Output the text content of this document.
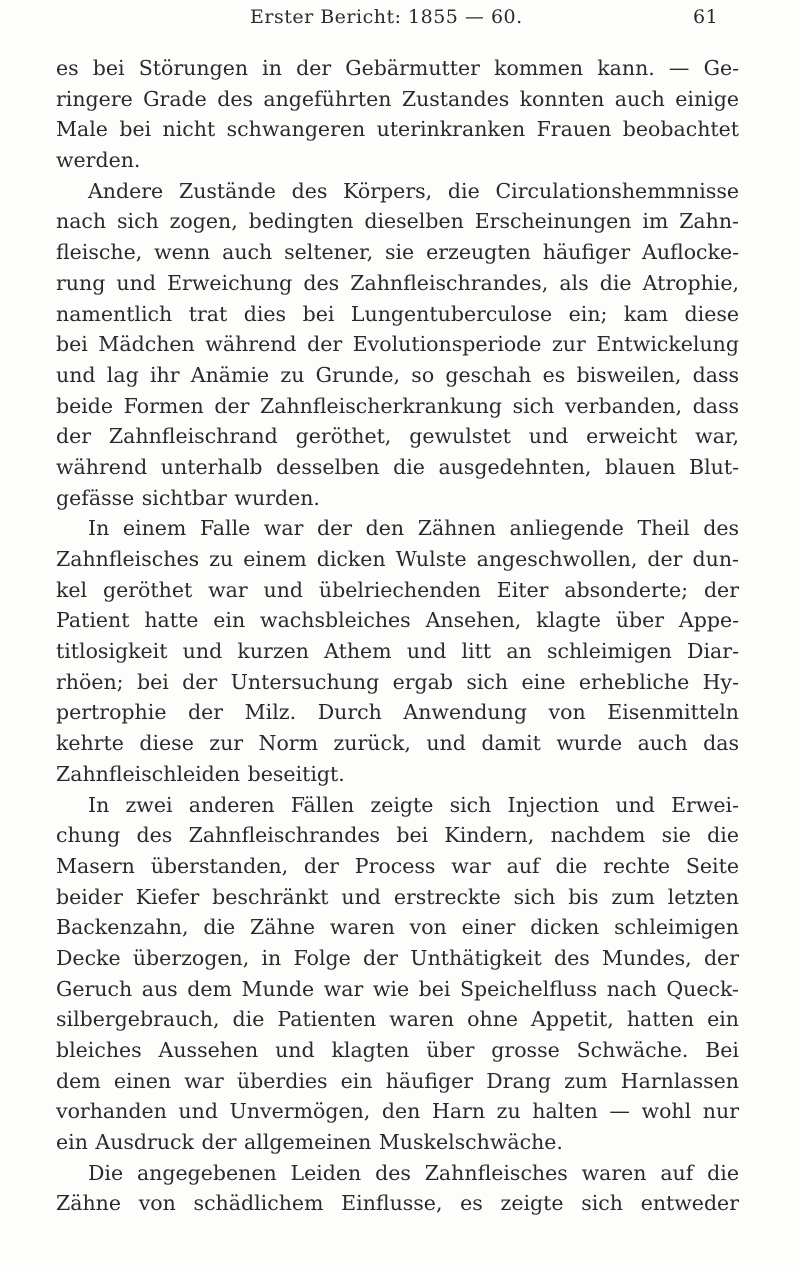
Erster Bericht: 1855 — 60.	61
es bei Störungen in der Gebärmutter kommen kann. — Ge-
ringere Grade des angeführten Zustandes konnten auch einige
Male bei nicht schwangeren uterinkranken Frauen beobachtet
werden.
Andere Zustände des Körpers, die Circulationshemmnisse
nach sich zogen, bedingten dieselben Erscheinungen im Zahn-
fleische, wenn auch seltener, sie erzeugten häufiger Auflocke-
rung und Erweichung des Zahnfleischrandes, als die Atrophie,
namentlich trat dies bei Lungentuberculose ein; kam diese
bei Mädchen während der Evolutionsperiode zur Entwickelung
und lag ihr Anämie zu Grunde, so geschah es bisweilen, dass
beide Formen der Zahnfleischerkrankung sich verbanden, dass
der Zahnfleischrand geröthet, gewulstet und erweicht war,
während unterhalb desselben die ausgedehnten, blauen Blut-
gefässe sichtbar wurden.
In einem Falle war der den Zähnen anliegende Theil des
Zahnfleisches zu einem dicken Wulste angeschwollen, der dun-
kel geröthet war und übelriechenden Eiter absonderte; der
Patient hatte ein wachsbleiches Ansehen, klagte über Appe-
titlosigkeit und kurzen Athem und litt an schleimigen Diar-
rhöen; bei der Untersuchung ergab sich eine erhebliche Hy-
pertrophie der Milz. Durch Anwendung von Eisenmitteln
kehrte diese zur Norm zurück, und damit wurde auch das
Zahnfleischleiden beseitigt.
In zwei anderen Fällen zeigte sich Injection und Erwei-
chung des Zahnfleischrandes bei Kindern, nachdem sie die
Masern überstanden, der Process war auf die rechte Seite
beider Kiefer beschränkt und erstreckte sich bis zum letzten
Backenzahn, die Zähne waren von einer dicken schleimigen
Decke überzogen, in Folge der Unthätigkeit des Mundes, der
Geruch aus dem Munde war wie bei Speichelfluss nach Queck-
silbergebrauch, die Patienten waren ohne Appetit, hatten ein
bleiches Aussehen und klagten über grosse Schwäche. Bei
dem einen war überdies ein häufiger Drang zum Harnlassen
vorhanden und Unvermögen, den Harn zu halten — wohl nur
ein Ausdruck der allgemeinen Muskelschwäche.
Die angegebenen Leiden des Zahnfleisches waren auf die
Zähne von schädlichem Einflusse, es zeigte sich entweder
